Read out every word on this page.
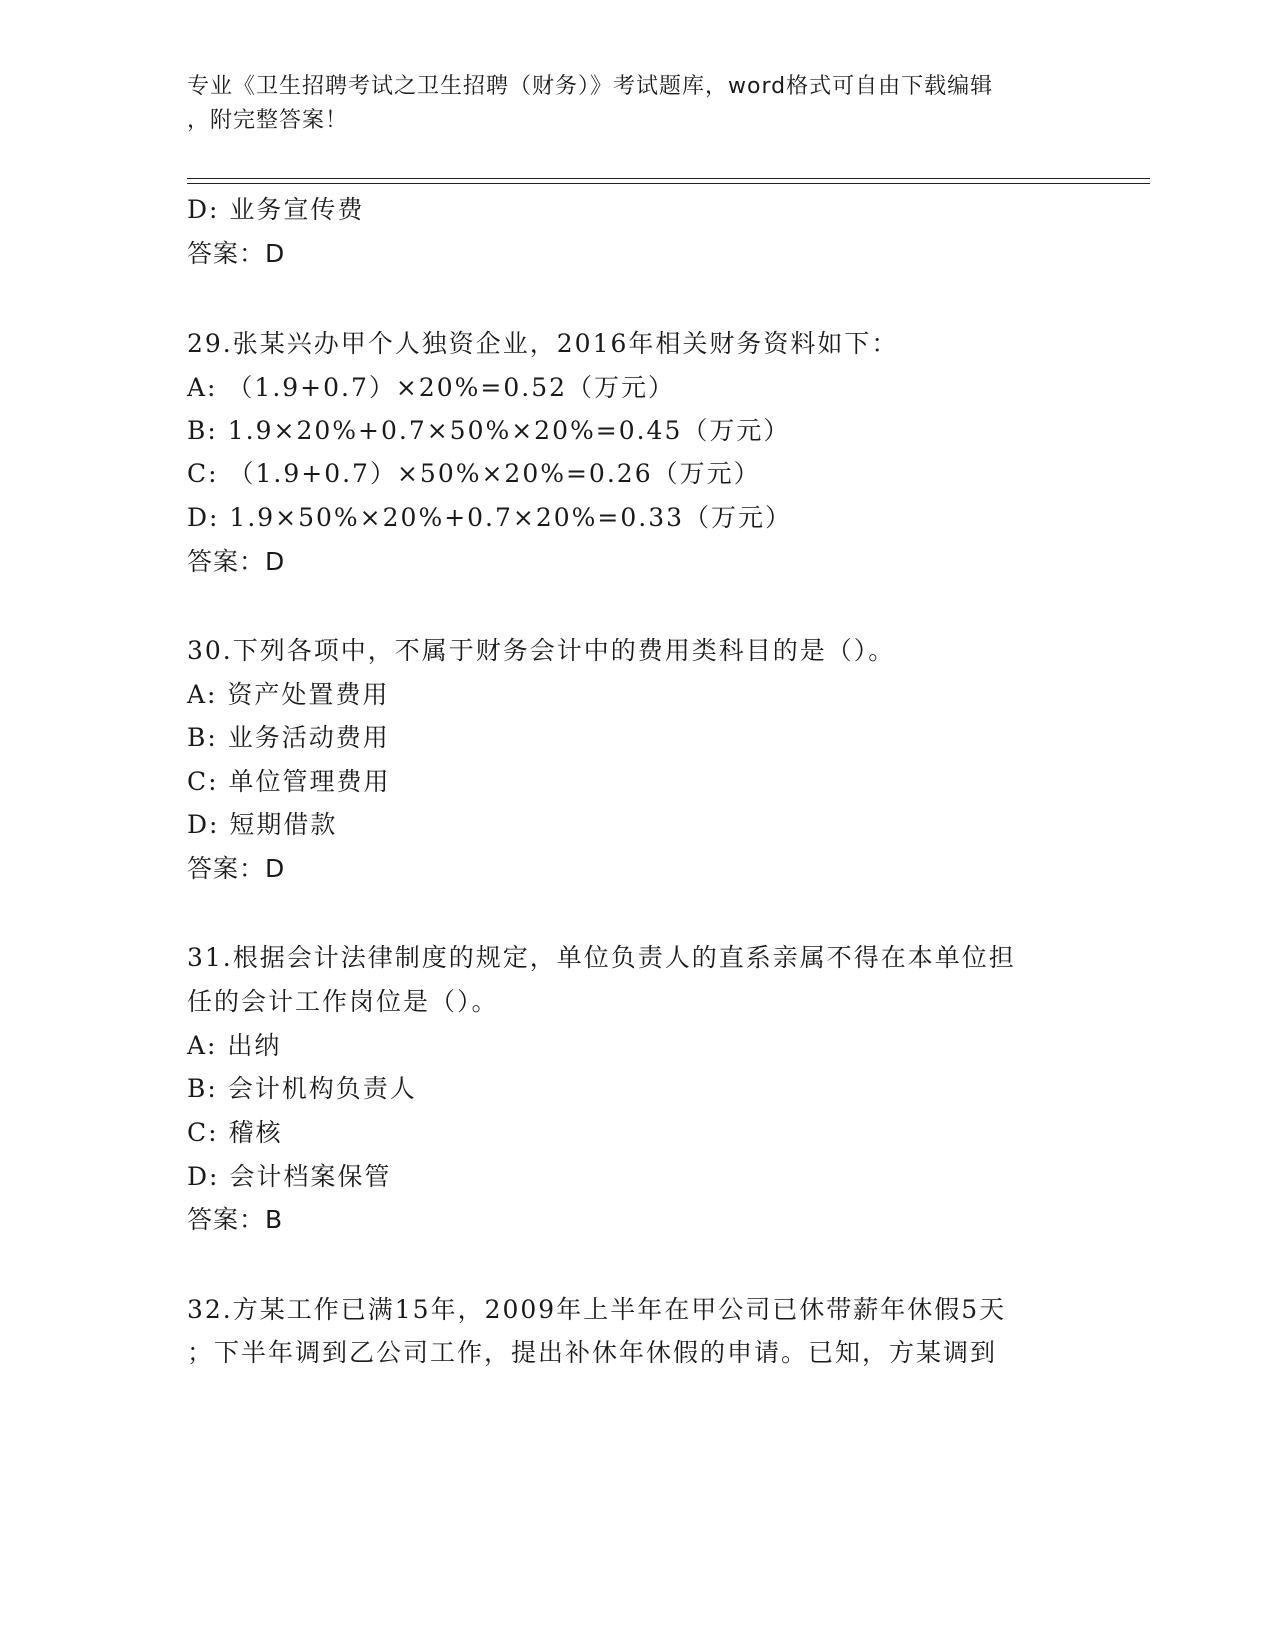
专业《卫生招聘考试之卫生招聘（财务）》考试题库，word格式可自由下载编辑
，附完整答案！
D: 业务宣传费
答案：D
29.张某兴办甲个人独资企业，2016年相关财务资料如下：
A: （1.9+0.7）×20%=0.52（万元）
B: 1.9×20%+0.7×50%×20%=0.45（万元）
C: （1.9+0.7）×50%×20%=0.26（万元）
D: 1.9×50%×20%+0.7×20%=0.33（万元）
答案：D
30.下列各项中，不属于财务会计中的费用类科目的是（）。
A: 资产处置费用
B: 业务活动费用
C: 单位管理费用
D: 短期借款
答案：D
31.根据会计法律制度的规定，单位负责人的直系亲属不得在本单位担
任的会计工作岗位是（）。
A: 出纳
B: 会计机构负责人
C: 稽核
D: 会计档案保管
答案：B
32.方某工作已满15年，2009年上半年在甲公司已休带薪年休假5天
；下半年调到乙公司工作，提出补休年休假的申请。已知，方某调到
